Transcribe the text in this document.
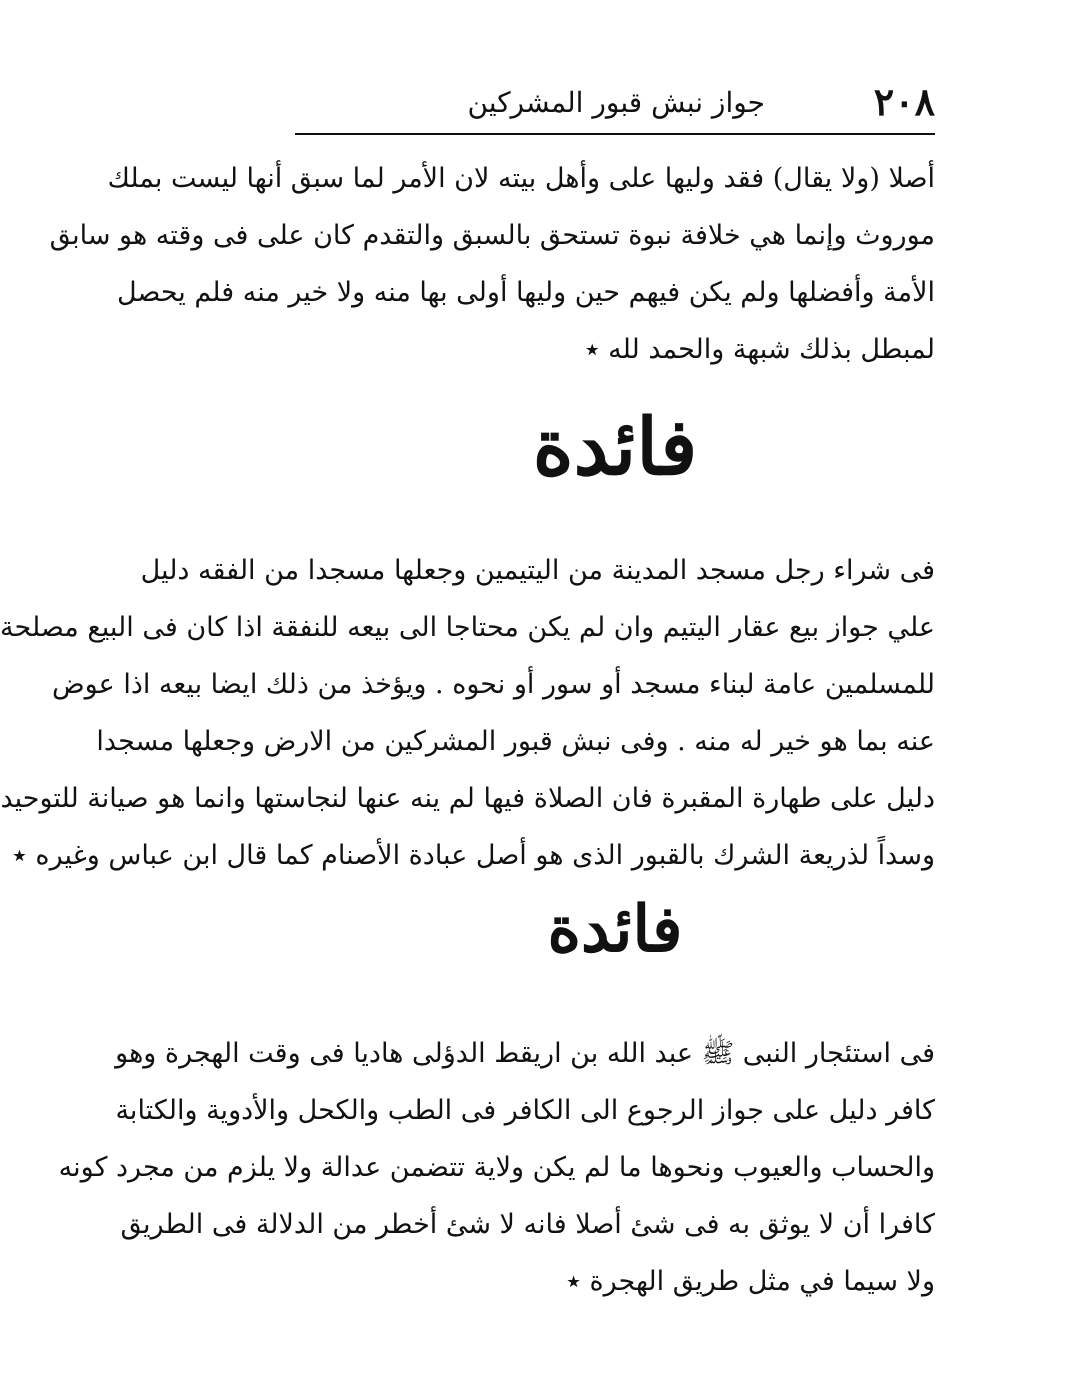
٢٠٨
جواز نبش قبور المشركين
أصلا (ولا يقال) فقد وليها على وأهل بيته لان الأمر لما سبق أنها ليست بملك
موروث وإنما هي خلافة نبوة تستحق بالسبق والتقدم كان على فى وقته هو سابق
الأمة وأفضلها ولم يكن فيهم حين وليها أولى بها منه ولا خير منه فلم يحصل
لمبطل بذلك شبهة والحمد لله ٭
فائدة
فى شراء رجل مسجد المدينة من اليتيمين وجعلها مسجدا من الفقه دليل
علي جواز بيع عقار اليتيم وان لم يكن محتاجا الى بيعه للنفقة اذا كان فى البيع مصلحة
للمسلمين عامة لبناء مسجد أو سور أو نحوه . ويؤخذ من ذلك ايضا بيعه اذا عوض
عنه بما هو خير له منه . وفى نبش قبور المشركين من الارض وجعلها مسجدا
دليل على طهارة المقبرة فان الصلاة فيها لم ينه عنها لنجاستها وانما هو صيانة للتوحيد
وسداً لذريعة الشرك بالقبور الذى هو أصل عبادة الأصنام كما قال ابن عباس وغيره ٭
فائدة
فى استئجار النبى ﷺ عبد الله بن اريقط الدؤلى هاديا فى وقت الهجرة وهو
كافر دليل على جواز الرجوع الى الكافر فى الطب والكحل والأدوية والكتابة
والحساب والعيوب ونحوها ما لم يكن ولاية تتضمن عدالة ولا يلزم من مجرد كونه
كافرا أن لا يوثق به فى شئ أصلا فانه لا شئ أخطر من الدلالة فى الطريق
ولا سيما في مثل طريق الهجرة ٭
